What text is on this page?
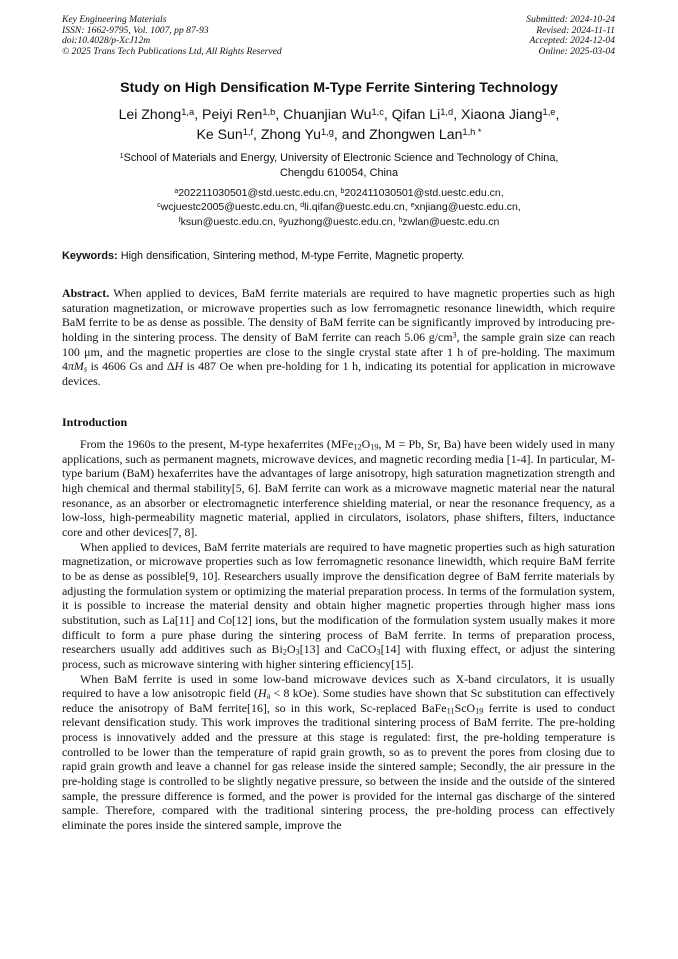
Key Engineering Materials
ISSN: 1662-9795, Vol. 1007, pp 87-93
doi:10.4028/p-XcJ12m
© 2025 Trans Tech Publications Ltd, All Rights Reserved
Submitted: 2024-10-24
Revised: 2024-11-11
Accepted: 2024-12-04
Online: 2025-03-04
Study on High Densification M-Type Ferrite Sintering Technology
Lei Zhong$^{1,a}$, Peiyi Ren$^{1,b}$, Chuanjian Wu$^{1,c}$, Qifan Li$^{1,d}$, Xiaona Jiang$^{1,e}$,
Ke Sun$^{1,f}$, Zhong Yu$^{1,g}$, and Zhongwen Lan$^{1,h *}$
$^1$School of Materials and Energy, University of Electronic Science and Technology of China,
Chengdu 610054, China
$^a$202211030501@std.uestc.edu.cn, $^b$202411030501@std.uestc.edu.cn,
$^c$wcjuestc2005@uestc.edu.cn, $^d$li.qifan@uestc.edu.cn, $^e$xnjiang@uestc.edu.cn,
$^f$ksun@uestc.edu.cn, $^g$yuzhong@uestc.edu.cn, $^h$zwlan@uestc.edu.cn
Keywords: High densification, Sintering method, M-type Ferrite, Magnetic property.
Abstract. When applied to devices, BaM ferrite materials are required to have magnetic properties such as high saturation magnetization, or microwave properties such as low ferromagnetic resonance linewidth, which require BaM ferrite to be as dense as possible. The density of BaM ferrite can be significantly improved by introducing pre-holding in the sintering process. The density of BaM ferrite can reach 5.06 $g/cm^3$, the sample grain size can reach 100 μm, and the magnetic properties are close to the single crystal state after 1 h of pre-holding. The maximum $4\pi M_s$ is 4606 Gs and ΔH is 487 Oe when pre-holding for 1 h, indicating its potential for application in microwave devices.
Introduction

From the 1960s to the present, M-type hexaferrites ($MFe_{12}O_{19}$, M = Pb, Sr, Ba) have been widely used in many applications, such as permanent magnets, microwave devices, and magnetic recording media [1-4]. In particular, M-type barium (BaM) hexaferrites have the advantages of large anisotropy, high saturation magnetization strength and high chemical and thermal stability[5, 6]. BaM ferrite can work as a microwave magnetic material near the natural resonance, as an absorber or electromagnetic interference shielding material, or near the resonance frequency, as a low-loss, high-permeability magnetic material, applied in circulators, isolators, phase shifters, filters, inductance core and other devices[7, 8].

When applied to devices, BaM ferrite materials are required to have magnetic properties such as high saturation magnetization, or microwave properties such as low ferromagnetic resonance linewidth, which require BaM ferrite to be as dense as possible[9, 10]. Researchers usually improve the densification degree of BaM ferrite materials by adjusting the formulation system or optimizing the material preparation process. In terms of the formulation system, it is possible to increase the material density and obtain higher magnetic properties through higher mass ions substitution, such as La[11] and Co[12] ions, but the modification of the formulation system usually makes it more difficult to form a pure phase during the sintering process of BaM ferrite. In terms of preparation process, researchers usually add additives such as $Bi_2O_3[13]$ and CaCO$_3$[14] with fluxing effect, or adjust the sintering process, such as microwave sintering with higher sintering efficiency[15].

When BaM ferrite is used in some low-band microwave devices such as X-band circulators, it is usually required to have a low anisotropic field ($H_a < 8$ kOe). Some studies have shown that Sc substitution can effectively reduce the anisotropy of BaM ferrite[16], so in this work, Sc-replaced BaFe$_{11}$ScO$_{19}$ ferrite is used to conduct relevant densification study. This work improves the traditional sintering process of BaM ferrite. The pre-holding process is innovatively added and the pressure at this stage is regulated: first, the pre-holding temperature is controlled to be lower than the temperature of rapid grain growth, so as to prevent the pores from closing due to rapid grain growth and leave a channel for gas release inside the sintered sample; Secondly, the air pressure in the pre-holding stage is controlled to be slightly negative pressure, so between the inside and the outside of the sintered sample, the pressure difference is formed, and the power is provided for the internal gas discharge of the sintered sample. Therefore, compared with the traditional sintering process, the pre-holding process can effectively eliminate the pores inside the sintered sample, improve the
